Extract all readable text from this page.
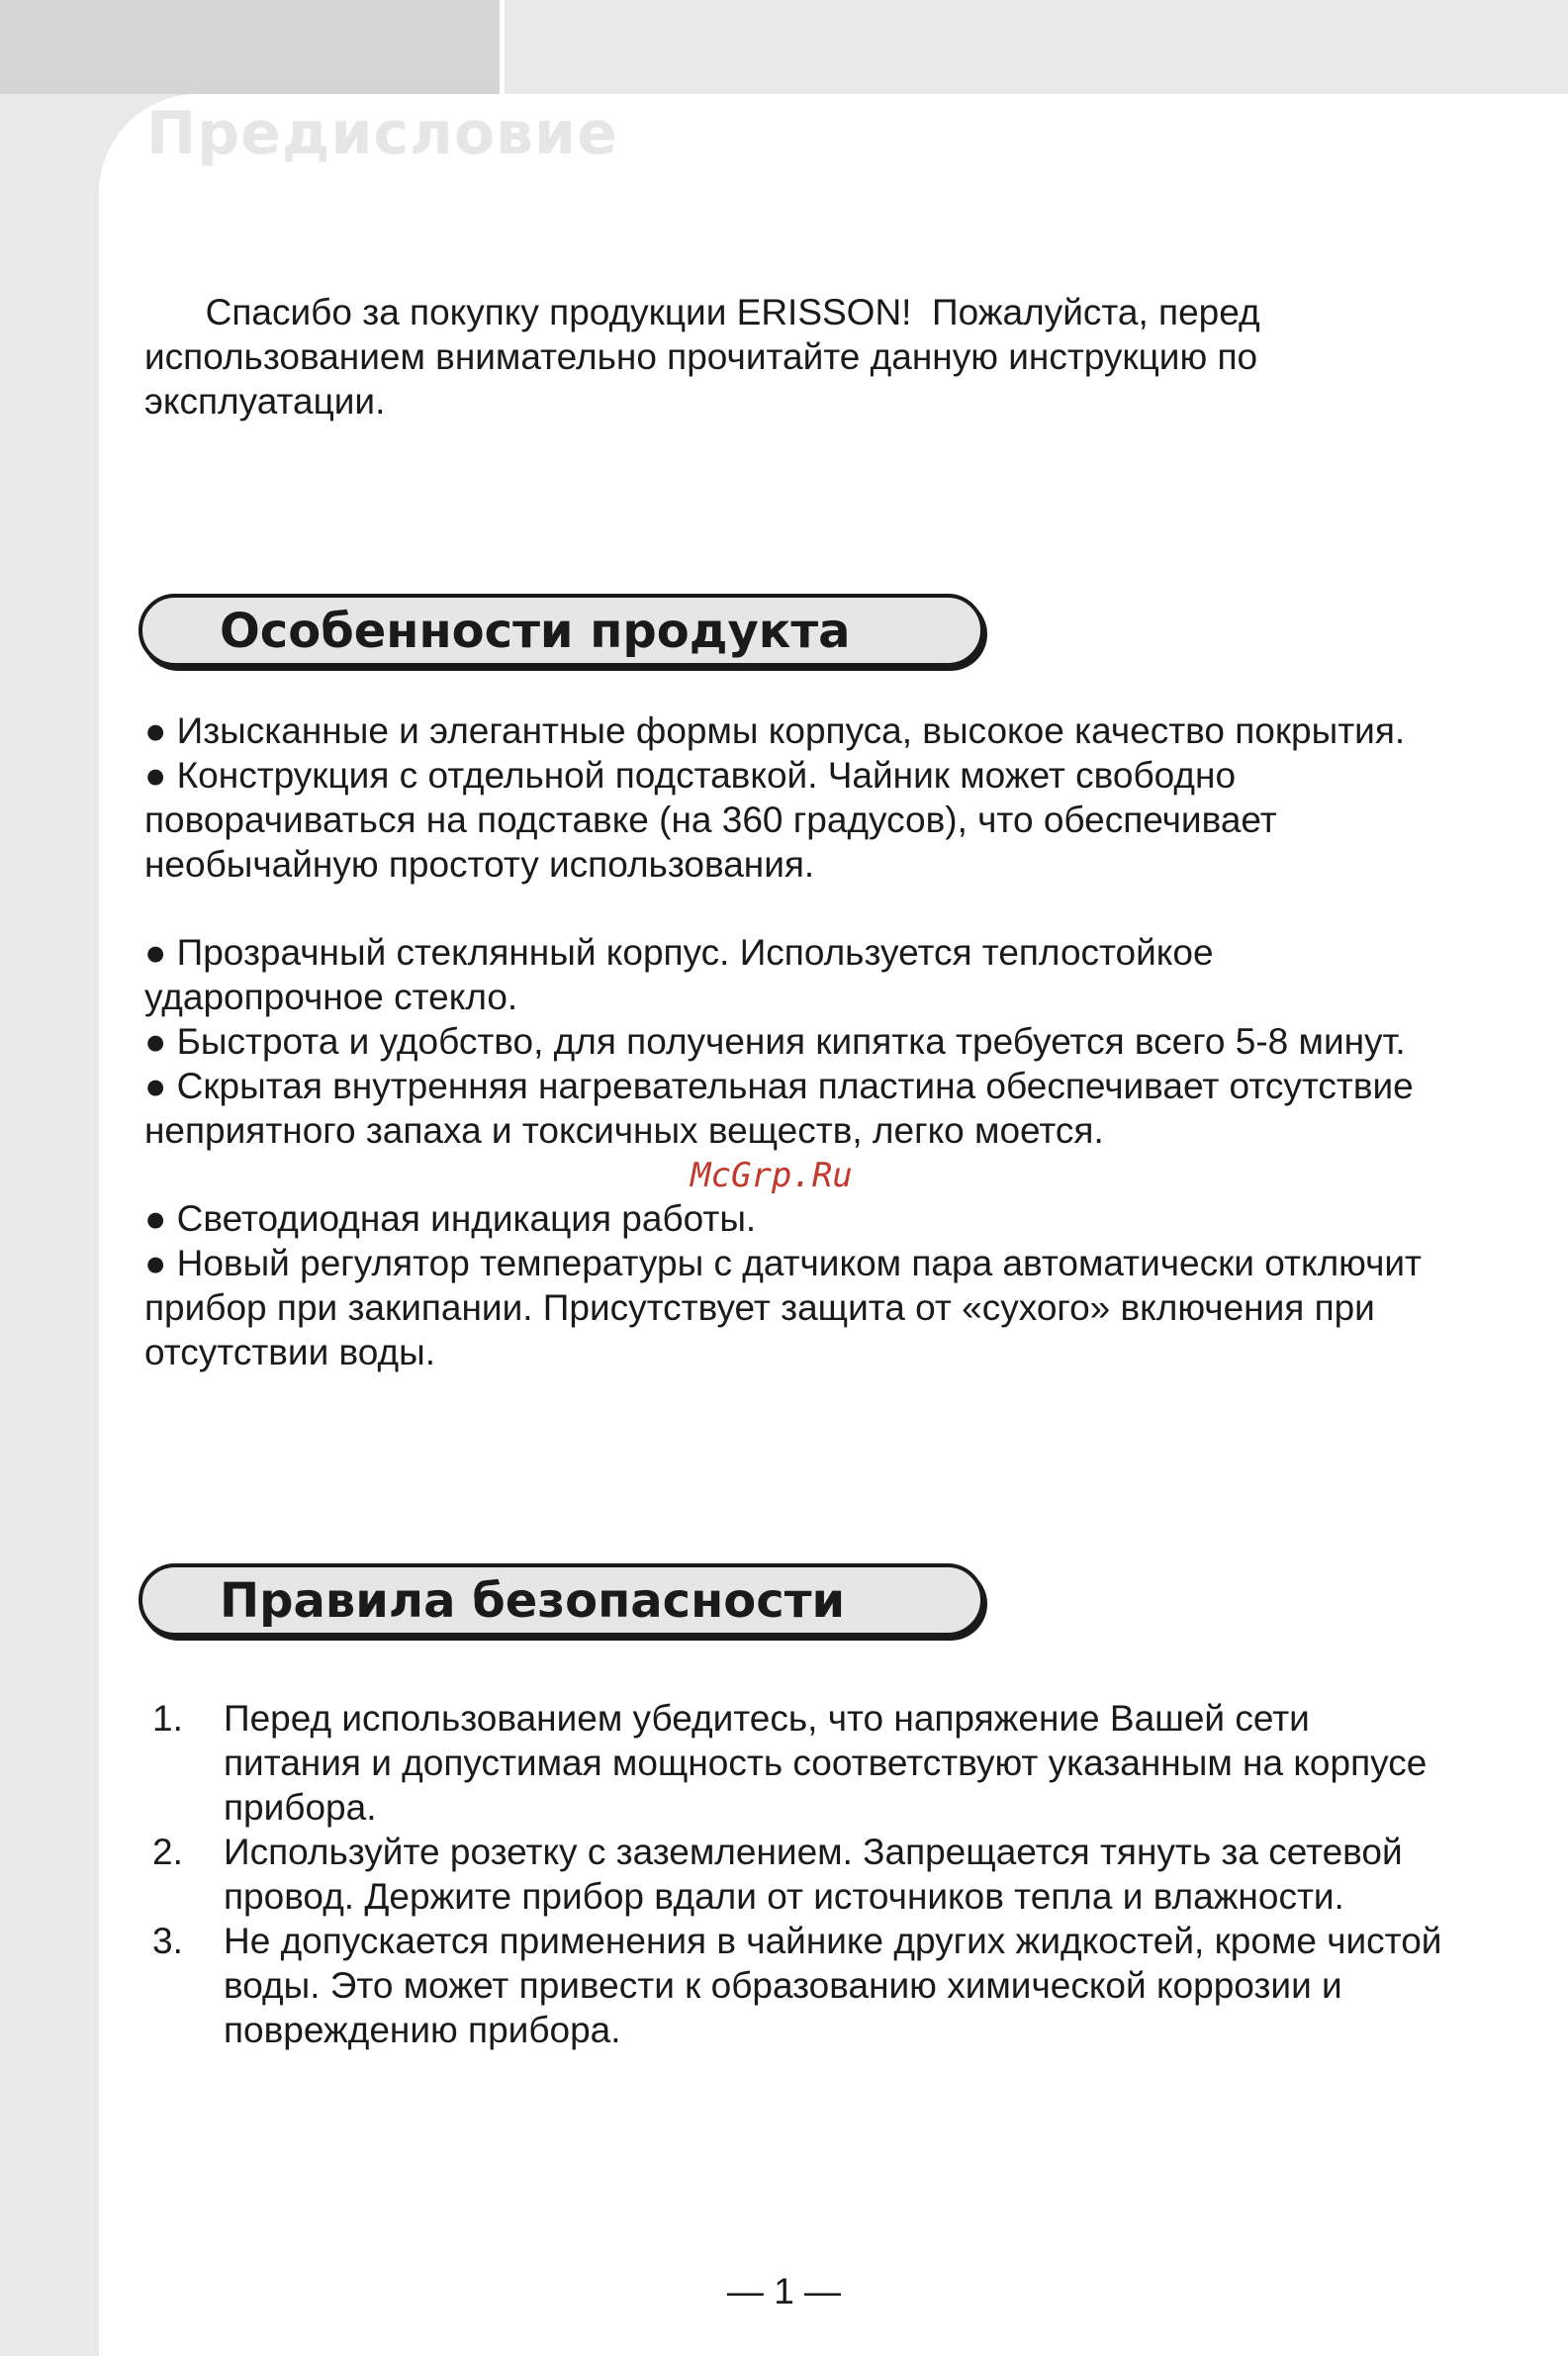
Предисловие
Спасибо за покупку продукции ERISSON!  Пожалуйста, перед
использованием внимательно прочитайте данную инструкцию по
эксплуатации.
Особенности продукта

● Изысканные и элегантные формы корпуса, высокое качество покрытия.

● Конструкция с отдельной подставкой. Чайник может свободно

поворачиваться на подставке (на 360 градусов), что обеспечивает

необычайную простоту использования.

● Прозрачный стеклянный корпус. Используется теплостойкое

ударопрочное стекло.

● Быстрота и удобство, для получения кипятка требуется всего 5-8 минут.

● Скрытая внутренняя нагревательная пластина обеспечивает отсутствие

неприятного запаха и токсичных веществ, легко моется.

● Светодиодная индикация работы.

● Новый регулятор температуры с датчиком пара автоматически отключит

прибор при закипании. Присутствует защита от «сухого» включения при

отсутствии воды.

McGrp.Ru
Правила безопасности
1. Перед использованием убедитесь, что напряжение Вашей сети
питания и допустимая мощность соответствуют указанным на корпусе
прибора.
2. Используйте розетку с заземлением. Запрещается тянуть за сетевой
провод. Держите прибор вдали от источников тепла и влажности.
3. Не допускается применения в чайнике других жидкостей, кроме чистой
воды. Это может привести к образованию химической коррозии и
повреждению прибора.
— 1 —
